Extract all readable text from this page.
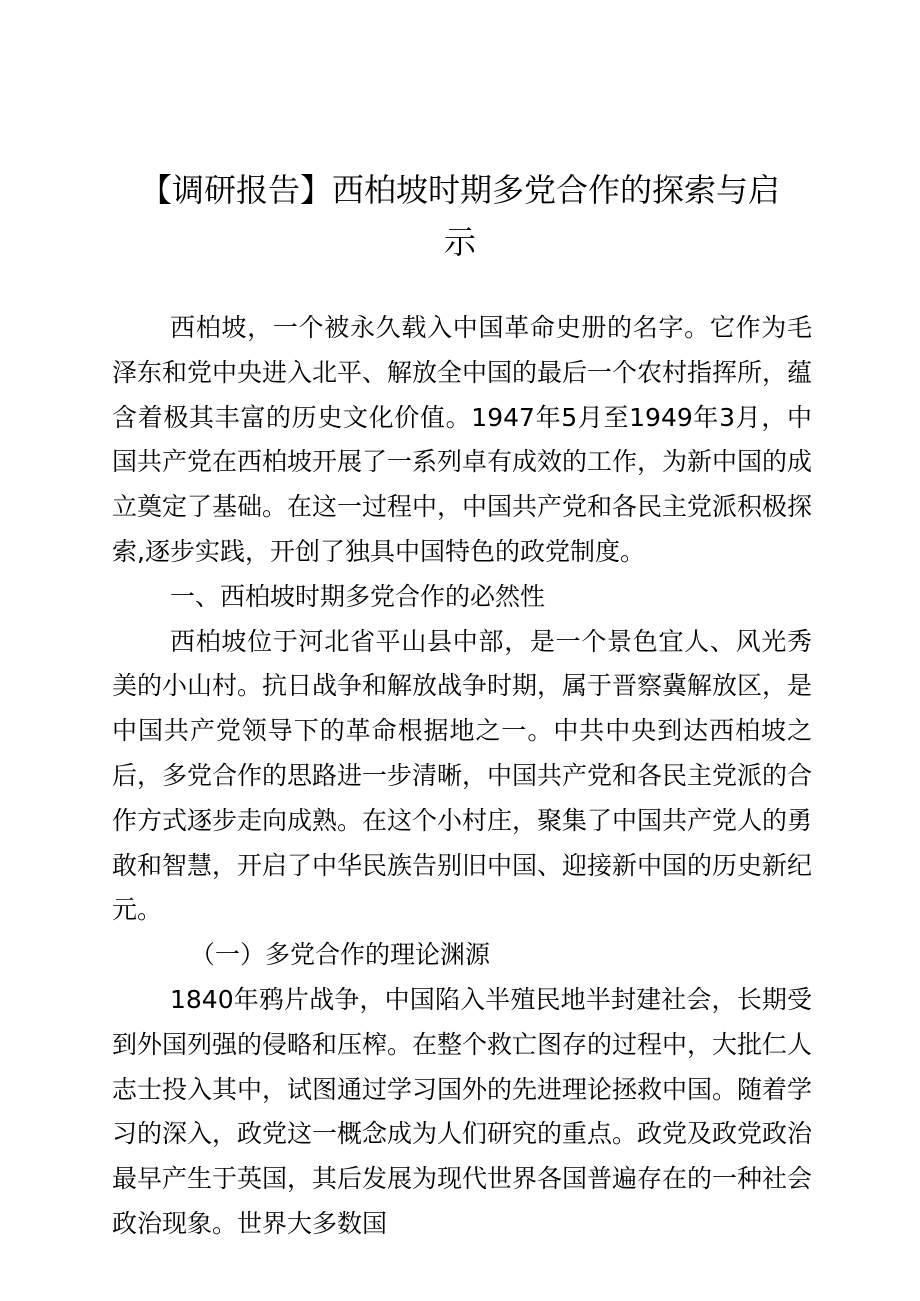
【调研报告】西柏坡时期多党合作的探索与启
示

西柏坡，一个被永久载入中国革命史册的名字。它作为毛泽东和党中央进入北平、解放全中国的最后一个农村指挥所，蕴含着极其丰富的历史文化价值。1947年5月至1949年3月，中国共产党在西柏坡开展了一系列卓有成效的工作，为新中国的成立奠定了基础。在这一过程中，中国共产党和各民主党派积极探索,逐步实践，开创了独具中国特色的政党制度。

一、西柏坡时期多党合作的必然性

西柏坡位于河北省平山县中部，是一个景色宜人、风光秀美的小山村。抗日战争和解放战争时期，属于晋察冀解放区，是中国共产党领导下的革命根据地之一。中共中央到达西柏坡之后，多党合作的思路进一步清晰，中国共产党和各民主党派的合作方式逐步走向成熟。在这个小村庄，聚集了中国共产党人的勇敢和智慧，开启了中华民族告别旧中国、迎接新中国的历史新纪元。

（一）多党合作的理论渊源

1840年鸦片战争，中国陷入半殖民地半封建社会，长期受到外国列强的侵略和压榨。在整个救亡图存的过程中，大批仁人志士投入其中，试图通过学习国外的先进理论拯救中国。随着学习的深入，政党这一概念成为人们研究的重点。政党及政党政治最早产生于英国，其后发展为现代世界各国普遍存在的一种社会政治现象。世界大多数国
